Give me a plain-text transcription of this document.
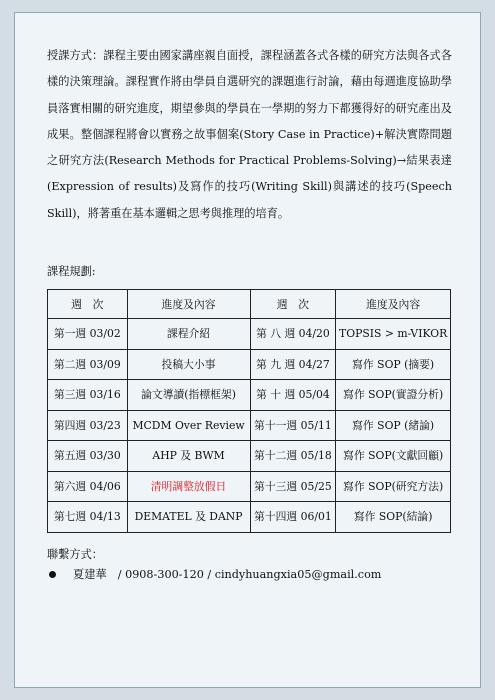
授課方式：課程主要由國家講座親自面授，課程涵蓋各式各樣的研究方法與各式各樣的決策理論。課程實作將由學員自選研究的課題進行討論，藉由每週進度協助學員落實相關的研究進度，期望參與的學員在一學期的努力下都獲得好的研究產出及成果。整個課程將會以實務之故事個案(Story Case in Practice)+解決實際問題之研究方法(Research Methods for Practical Problems-Solving)→結果表達(Expression of results)及寫作的技巧(Writing Skill)與講述的技巧(Speech Skill)，將著重在基本邏輯之思考與推理的培育。
課程規劃:
週　次	進度及內容	週　次	進度及內容
第一週 03/02	課程介紹	第 八 週 04/20	TOPSIS > m-VIKOR
第二週 03/09	投稿大小事	第 九 週 04/27	寫作 SOP (摘要)
第三週 03/16	論文導讀(指標框架)	第 十 週 05/04	寫作 SOP(實證分析)
第四週 03/23	MCDM Over Review	第十一週 05/11	寫作 SOP (緒論)
第五週 03/30	AHP 及 BWM	第十二週 05/18	寫作 SOP(文獻回顧)
第六週 04/06	清明調整放假日	第十三週 05/25	寫作 SOP(研究方法)
第七週 04/13	DEMATEL 及 DANP	第十四週 06/01	寫作 SOP(結論)
聯繫方式：
夏建華　/ 0908-300-120 / cindyhuangxia05@gmail.com
